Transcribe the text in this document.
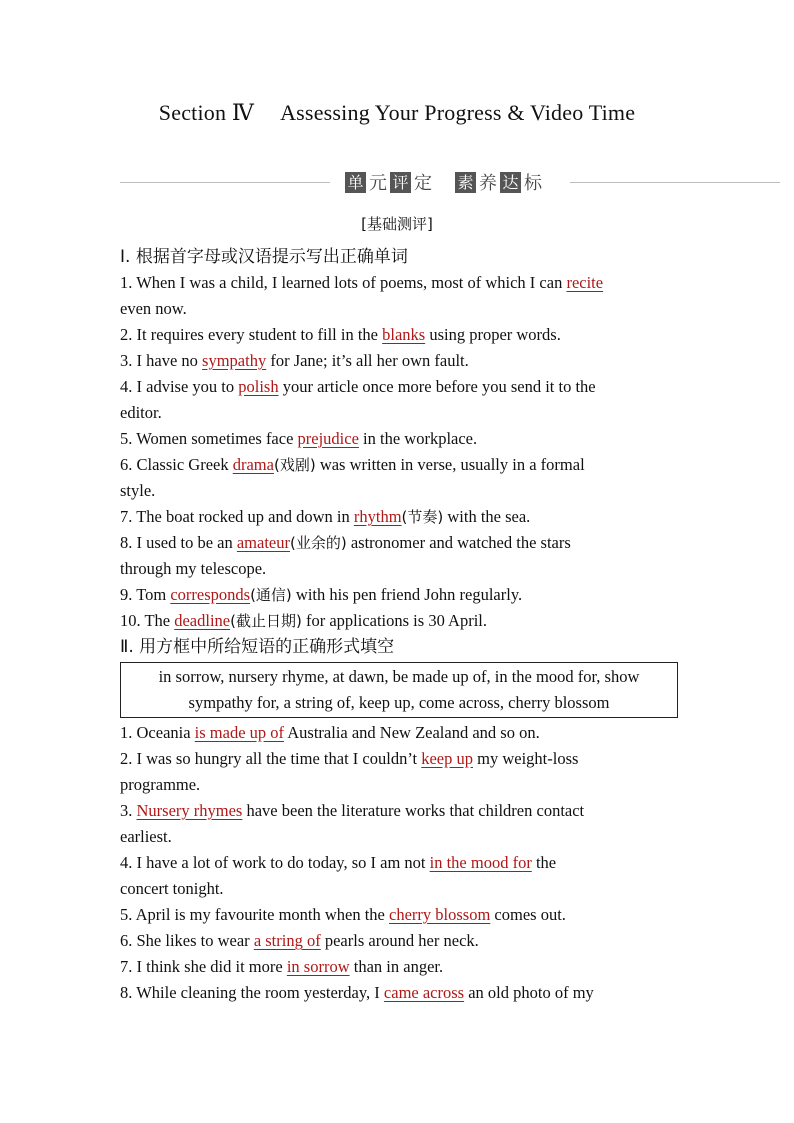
Section Ⅳ Assessing Your Progress & Video Time
单 元 评 定 素 养 达 标
[基础测评]
Ⅰ. 根据首字母或汉语提示写出正确单词
1. When I was a child, I learned lots of poems, most of which I can recite
even now.
2. It requires every student to fill in the blanks using proper words.
3. I have no sympathy for Jane; it’s all her own fault.
4. I advise you to polish your article once more before you send it to the
editor.
5. Women sometimes face prejudice in the workplace.
6. Classic Greek drama(戏剧) was written in verse, usually in a formal
style.
7. The boat rocked up and down in rhythm(节奏) with the sea.
8. I used to be an amateur(业余的) astronomer and watched the stars
through my telescope.
9. Tom corresponds(通信) with his pen friend John regularly.
10. The deadline(截止日期) for applications is 30 April.
Ⅱ. 用方框中所给短语的正确形式填空
in sorrow, nursery rhyme, at dawn, be made up of, in the mood for, show
sympathy for, a string of, keep up, come across, cherry blossom
1. Oceania is made up of Australia and New Zealand and so on.
2. I was so hungry all the time that I couldn’t keep up my weight-loss
programme.
3. Nursery rhymes have been the literature works that children contact
earliest.
4. I have a lot of work to do today, so I am not in the mood for the
concert tonight.
5. April is my favourite month when the cherry blossom comes out.
6. She likes to wear a string of pearls around her neck.
7. I think she did it more in sorrow than in anger.
8. While cleaning the room yesterday, I came across an old photo of my
